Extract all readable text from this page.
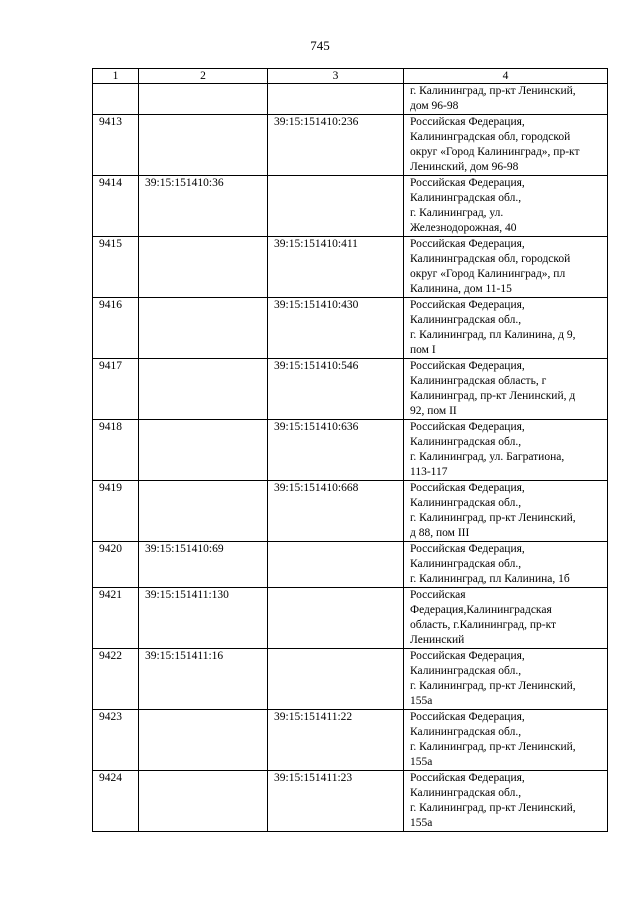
745
1	2	3	4
			г. Калининград, пр-кт Ленинский,
дом 96-98
9413		39:15:151410:236	Российская Федерация,
Калининградская обл, городской
округ «Город Калининград», пр-кт
Ленинский, дом 96-98
9414	39:15:151410:36		Российская Федерация,
Калининградская обл.,
г. Калининград, ул.
Железнодорожная, 40
9415		39:15:151410:411	Российская Федерация,
Калининградская обл, городской
округ «Город Калининград», пл
Калинина, дом 11-15
9416		39:15:151410:430	Российская Федерация,
Калининградская обл.,
г. Калининград, пл Калинина, д 9,
пом I
9417		39:15:151410:546	Российская Федерация,
Калининградская область, г
Калининград, пр-кт Ленинский, д
92, пом II
9418		39:15:151410:636	Российская Федерация,
Калининградская обл.,
г. Калининград, ул. Багратиона,
113-117
9419		39:15:151410:668	Российская Федерация,
Калининградская обл.,
г. Калининград, пр-кт Ленинский,
д 88, пом III
9420	39:15:151410:69		Российская Федерация,
Калининградская обл.,
г. Калининград, пл Калинина, 1б
9421	39:15:151411:130		Российская
Федерация,Калининградская
область, г.Калининград, пр-кт
Ленинский
9422	39:15:151411:16		Российская Федерация,
Калининградская обл.,
г. Калининград, пр-кт Ленинский,
155а
9423		39:15:151411:22	Российская Федерация,
Калининградская обл.,
г. Калининград, пр-кт Ленинский,
155а
9424		39:15:151411:23	Российская Федерация,
Калининградская обл.,
г. Калининград, пр-кт Ленинский,
155а
